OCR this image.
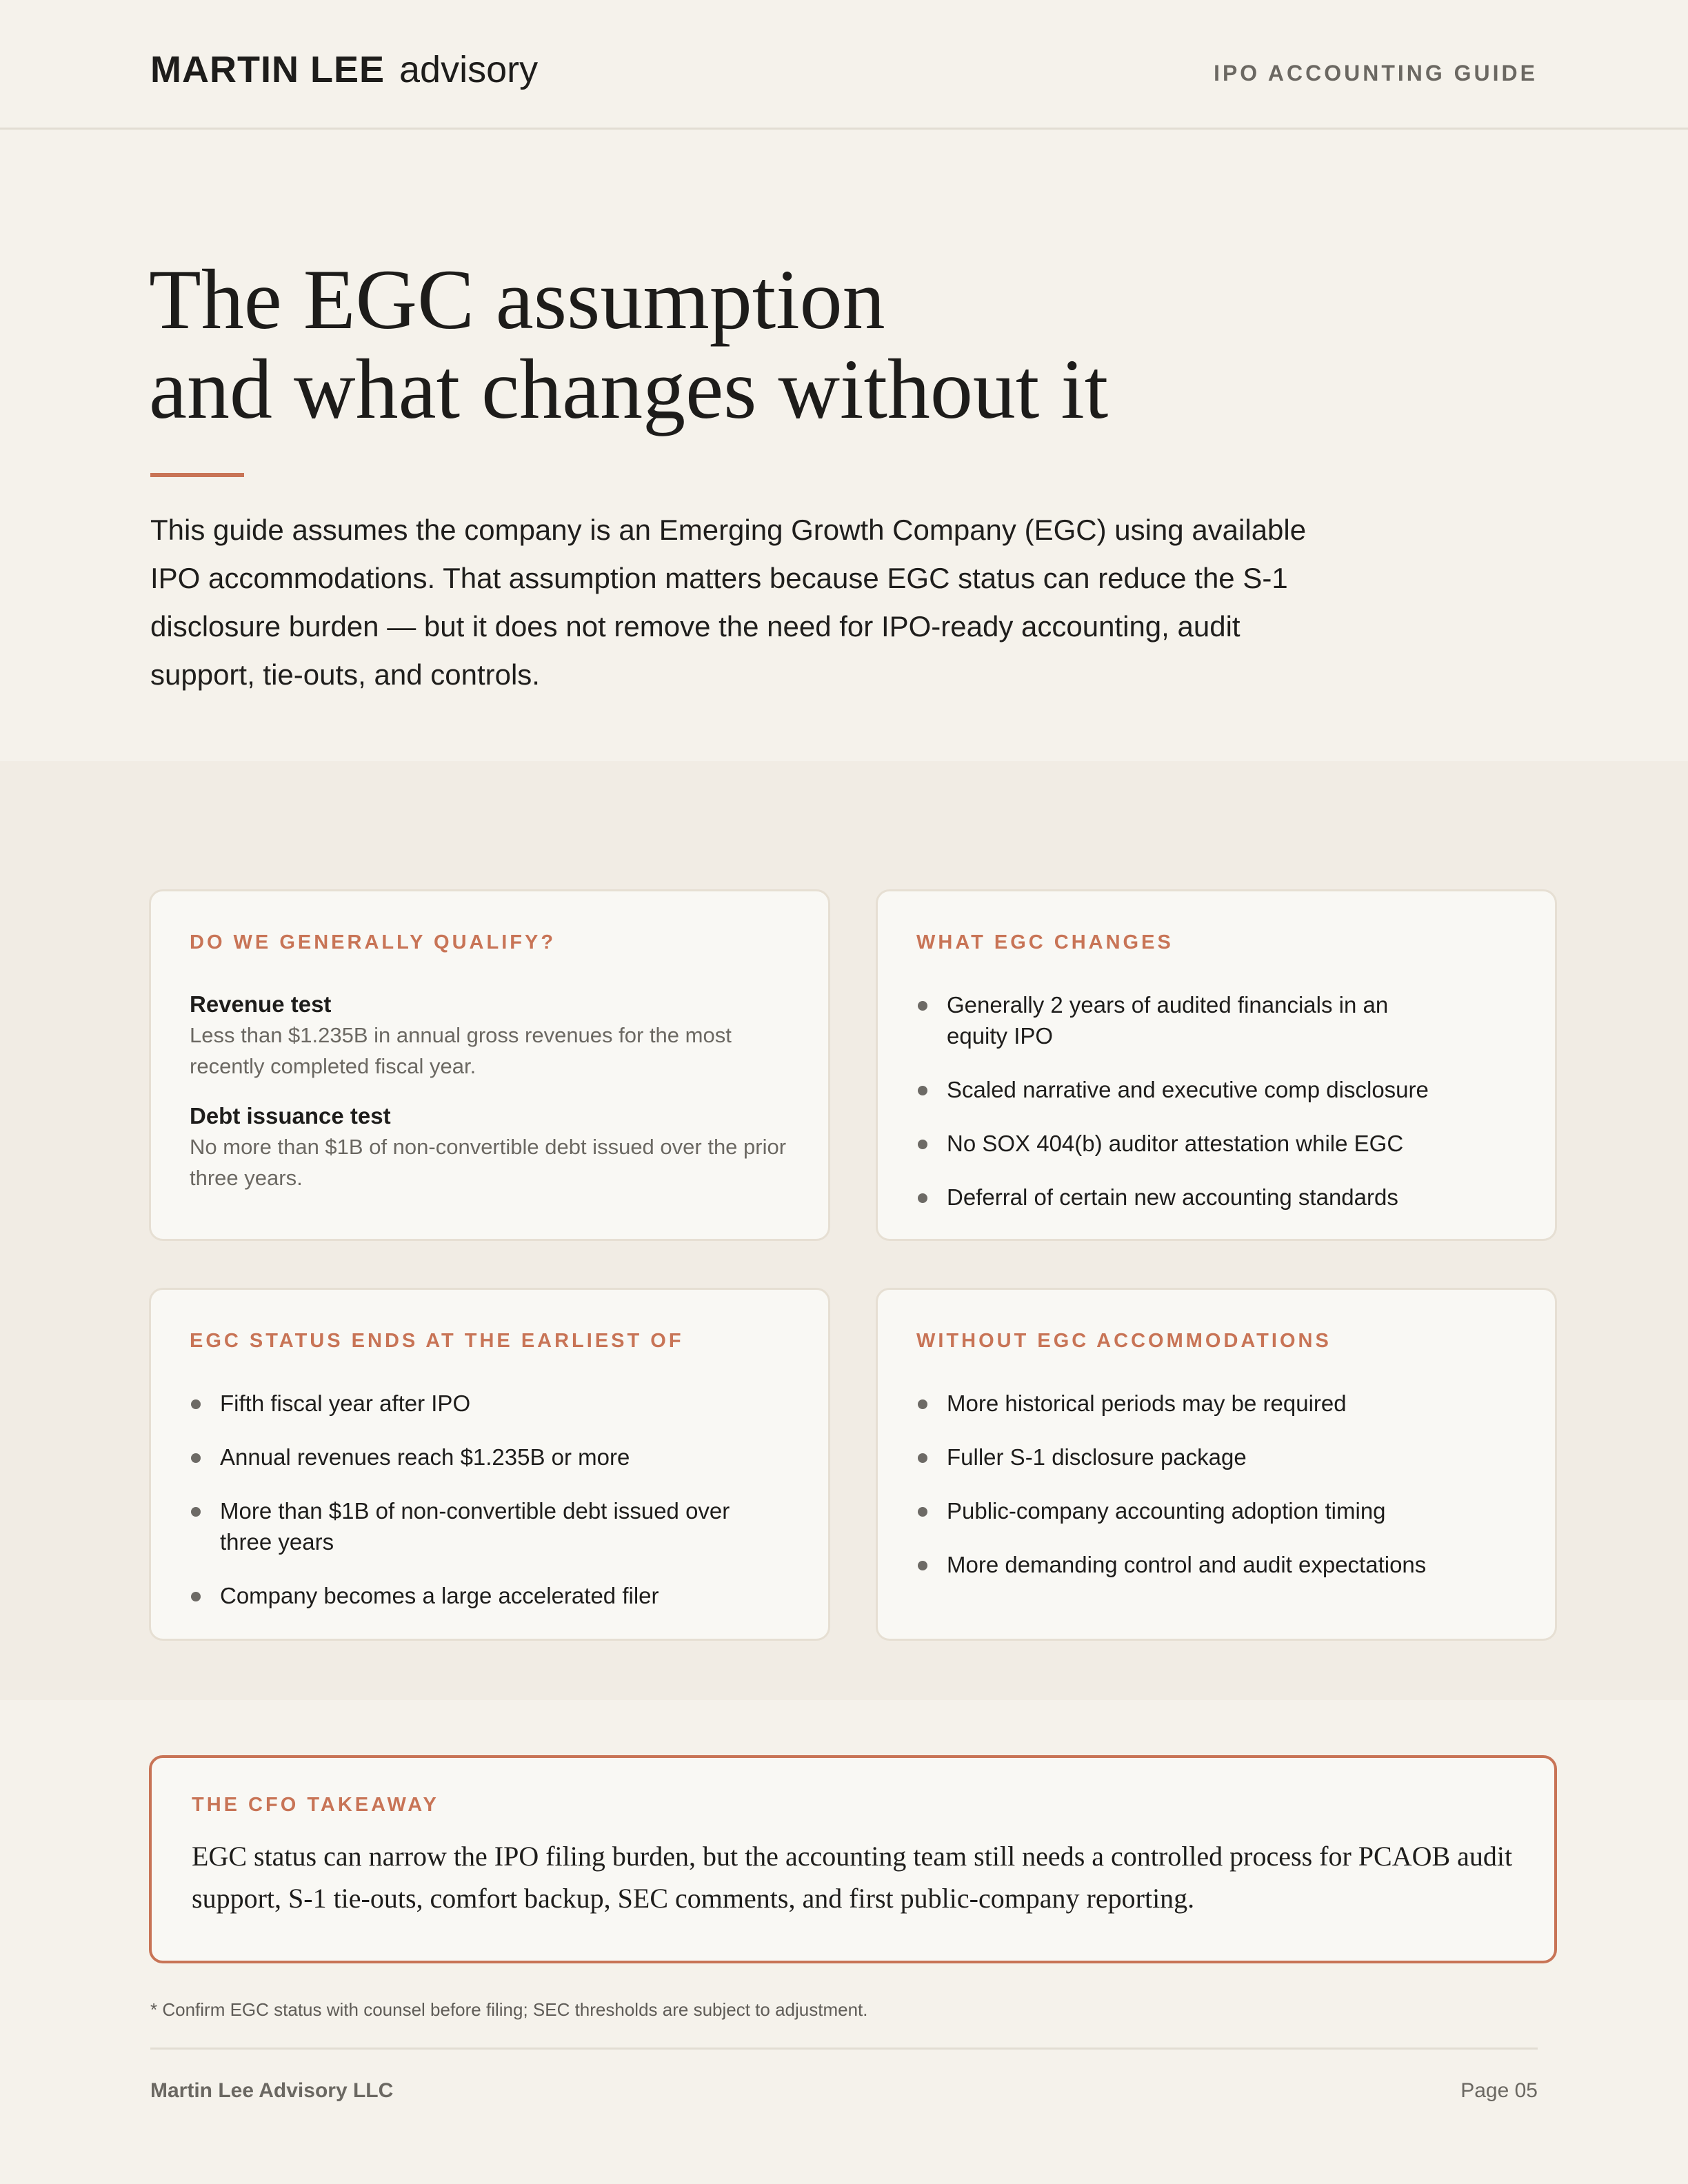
MARTIN LEE advisory	IPO ACCOUNTING GUIDE
The EGC assumption
and what changes without it

This guide assumes the company is an Emerging Growth Company (EGC) using available IPO accommodations. That assumption matters because EGC status can reduce the S-1 disclosure burden — but it does not remove the need for IPO-ready accounting, audit support, tie-outs, and controls.

DO WE GENERALLY QUALIFY?
Revenue test
Less than $1.235B in annual gross revenues for the most recently completed fiscal year.
Debt issuance test
No more than $1B of non-convertible debt issued over the prior three years.
WHAT EGC CHANGES
Generally 2 years of audited financials in an equity IPO
Scaled narrative and executive comp disclosure
No SOX 404(b) auditor attestation while EGC
Deferral of certain new accounting standards
EGC STATUS ENDS AT THE EARLIEST OF
Fifth fiscal year after IPO
Annual revenues reach $1.235B or more
More than $1B of non-convertible debt issued over three years
Company becomes a large accelerated filer
WITHOUT EGC ACCOMMODATIONS
More historical periods may be required
Fuller S-1 disclosure package
Public-company accounting adoption timing
More demanding control and audit expectations
THE CFO TAKEAWAY

EGC status can narrow the IPO filing burden, but the accounting team still needs a controlled process for PCAOB audit support, S-1 tie-outs, comfort backup, SEC comments, and first public-company reporting.

* Confirm EGC status with counsel before filing; SEC thresholds are subject to adjustment.
Martin Lee Advisory LLC	Page 05
